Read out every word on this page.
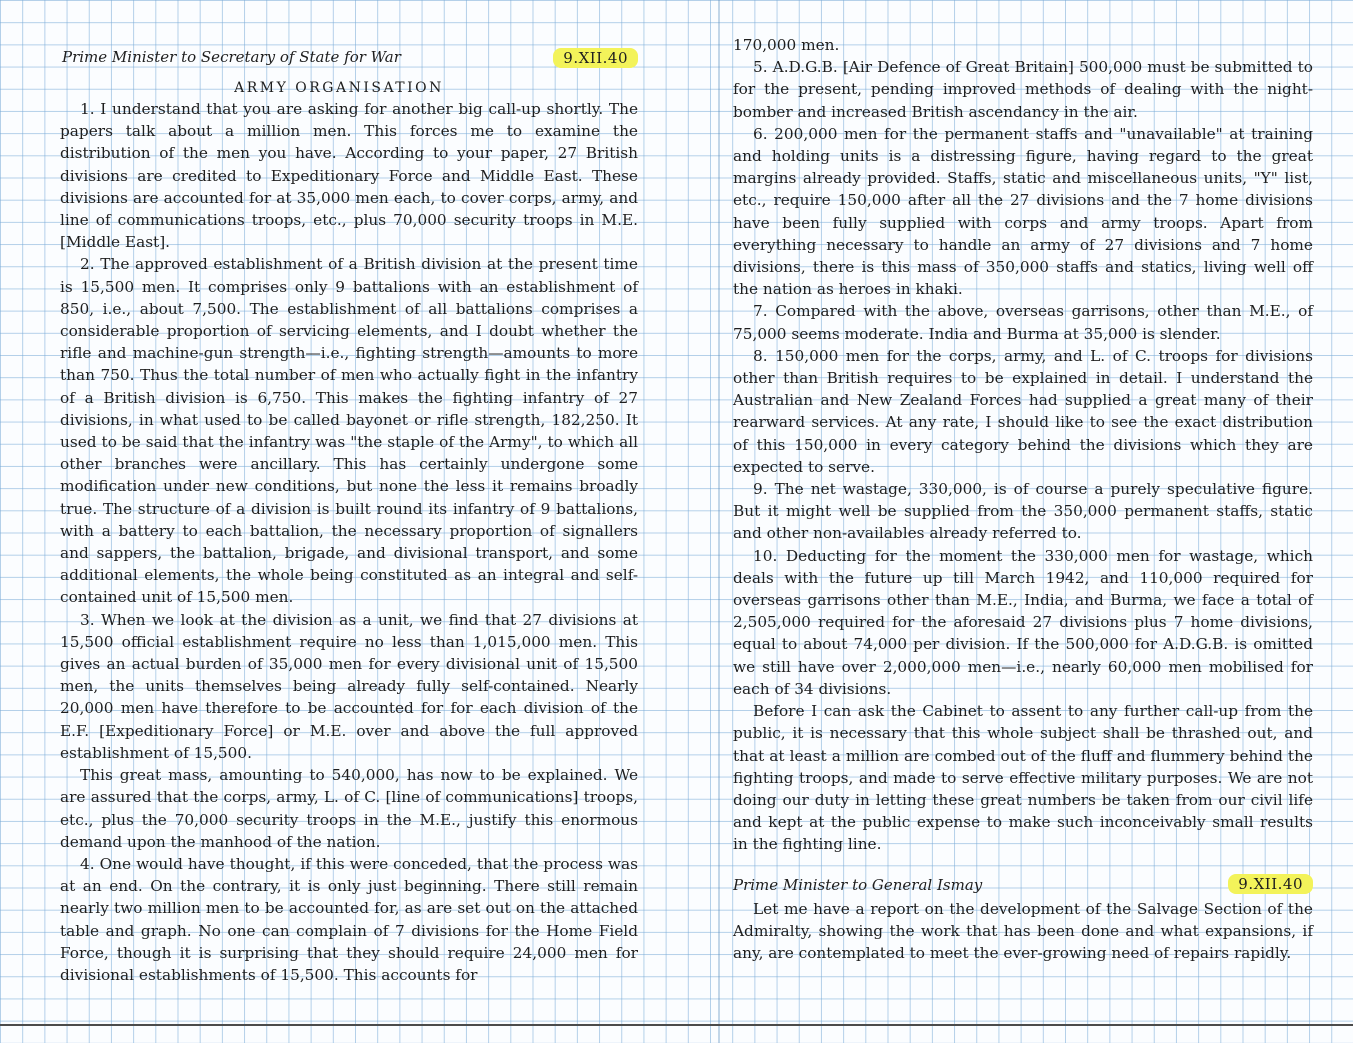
Prime Minister to Secretary of State for War	9.XII.40
ARMY ORGANISATION

1. I understand that you are asking for another big call-up shortly. The papers talk about a million men. This forces me to examine the distribution of the men you have. According to your paper, 27 British divisions are credited to Expeditionary Force and Middle East. These divisions are accounted for at 35,000 men each, to cover corps, army, and line of communications troops, etc., plus 70,000 security troops in M.E. [Middle East].

2. The approved establishment of a British division at the present time is 15,500 men. It comprises only 9 battalions with an establishment of 850, i.e., about 7,500. The establishment of all battalions comprises a considerable proportion of servicing elements, and I doubt whether the rifle and machine-gun strength—i.e., fighting strength—amounts to more than 750. Thus the total number of men who actually fight in the infantry of a British division is 6,750. This makes the fighting infantry of 27 divisions, in what used to be called bayonet or rifle strength, 182,250. It used to be said that the infantry was "the staple of the Army", to which all other branches were ancillary. This has certainly undergone some modification under new conditions, but none the less it remains broadly true. The structure of a division is built round its infantry of 9 battalions, with a battery to each battalion, the necessary proportion of signallers and sappers, the battalion, brigade, and divisional transport, and some additional elements, the whole being constituted as an integral and self-contained unit of 15,500 men.

3. When we look at the division as a unit, we find that 27 divisions at 15,500 official establishment require no less than 1,015,000 men. This gives an actual burden of 35,000 men for every divisional unit of 15,500 men, the units themselves being already fully self-contained. Nearly 20,000 men have therefore to be accounted for for each division of the E.F. [Expeditionary Force] or M.E. over and above the full approved establishment of 15,500.

This great mass, amounting to 540,000, has now to be explained. We are assured that the corps, army, L. of C. [line of communications] troops, etc., plus the 70,000 security troops in the M.E., justify this enormous demand upon the manhood of the nation.

4. One would have thought, if this were conceded, that the process was at an end. On the contrary, it is only just beginning. There still remain nearly two million men to be accounted for, as are set out on the attached table and graph. No one can complain of 7 divisions for the Home Field Force, though it is surprising that they should require 24,000 men for divisional establishments of 15,500. This accounts for

170,000 men.

5. A.D.G.B. [Air Defence of Great Britain] 500,000 must be submitted to for the present, pending improved methods of dealing with the night-bomber and increased British ascendancy in the air.

6. 200,000 men for the permanent staffs and "unavailable" at training and holding units is a distressing figure, having regard to the great margins already provided. Staffs, static and miscellaneous units, "Y" list, etc., require 150,000 after all the 27 divisions and the 7 home divisions have been fully supplied with corps and army troops. Apart from everything necessary to handle an army of 27 divisions and 7 home divisions, there is this mass of 350,000 staffs and statics, living well off the nation as heroes in khaki.

7. Compared with the above, overseas garrisons, other than M.E., of 75,000 seems moderate. India and Burma at 35,000 is slender.

8. 150,000 men for the corps, army, and L. of C. troops for divisions other than British requires to be explained in detail. I understand the Australian and New Zealand Forces had supplied a great many of their rearward services. At any rate, I should like to see the exact distribution of this 150,000 in every category behind the divisions which they are expected to serve.

9. The net wastage, 330,000, is of course a purely speculative figure. But it might well be supplied from the 350,000 permanent staffs, static and other non-availables already referred to.

10. Deducting for the moment the 330,000 men for wastage, which deals with the future up till March 1942, and 110,000 required for overseas garrisons other than M.E., India, and Burma, we face a total of 2,505,000 required for the aforesaid 27 divisions plus 7 home divisions, equal to about 74,000 per division. If the 500,000 for A.D.G.B. is omitted we still have over 2,000,000 men—i.e., nearly 60,000 men mobilised for each of 34 divisions.

Before I can ask the Cabinet to assent to any further call-up from the public, it is necessary that this whole subject shall be thrashed out, and that at least a million are combed out of the fluff and flummery behind the fighting troops, and made to serve effective military purposes. We are not doing our duty in letting these great numbers be taken from our civil life and kept at the public expense to make such inconceivably small results in the fighting line.

Prime Minister to General Ismay	9.XII.40

Let me have a report on the development of the Salvage Section of the Admiralty, showing the work that has been done and what expansions, if any, are contemplated to meet the ever-growing need of repairs rapidly.
